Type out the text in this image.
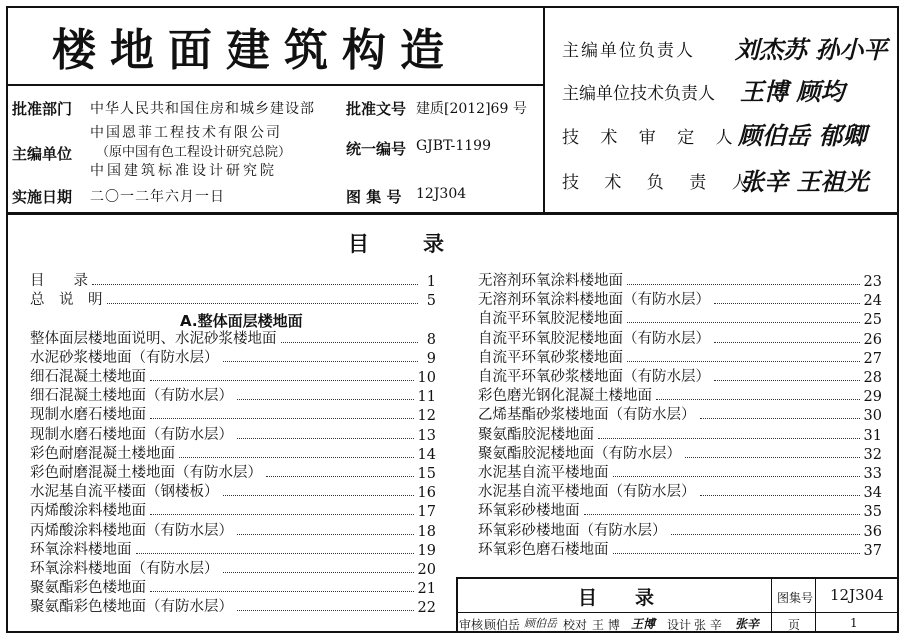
楼地面建筑构造
批准部门 中华人民共和国住房和城乡建设部 批准文号 建质[2012]69 号
主编单位
中国恩菲工程技术有限公司
（原中国有色工程设计研究总院）
中国建筑标准设计研究院
统一编号 GJBT-1199
实施日期 二〇一二年六月一日	图 集 号 12J304
主编单位负责人 刘杰苏 孙小平
主编单位技术负责人 王博 顾均
技 术 审 定 人 顾伯岳 郁卿
技 术 负 责 人
张辛 王祖光
目　　录
目　　录	1
总　说　明	5
A.整体面层楼地面
整体面层楼地面说明、水泥砂浆楼地面	8
水泥砂浆楼地面（有防水层）	9
细石混凝土楼地面	10
细石混凝土楼地面（有防水层）	11
现制水磨石楼地面	12
现制水磨石楼地面（有防水层）	13
彩色耐磨混凝土楼地面	14
彩色耐磨混凝土楼地面（有防水层）	15
水泥基自流平楼面（钢楼板）	16
丙烯酸涂料楼地面	17
丙烯酸涂料楼地面（有防水层）	18
环氧涂料楼地面	19
环氧涂料楼地面（有防水层）	20
聚氨酯彩色楼地面	21
聚氨酯彩色楼地面（有防水层）	22
无溶剂环氧涂料楼地面	23
无溶剂环氧涂料楼地面（有防水层）	24
自流平环氧胶泥楼地面	25
自流平环氧胶泥楼地面（有防水层）	26
自流平环氧砂浆楼地面	27
自流平环氧砂浆楼地面（有防水层）	28
彩色磨光钢化混凝土楼地面	29
乙烯基酯砂浆楼地面（有防水层）	30
聚氨酯胶泥楼地面	31
聚氨酯胶泥楼地面（有防水层）	32
水泥基自流平楼地面	33
水泥基自流平楼地面（有防水层）	34
环氧彩砂楼地面	35
环氧彩砂楼地面（有防水层）	36
环氧彩色磨石楼地面	37
目　　录	图集号 12J304
页	1
审核 顾伯岳 顾伯岳 校对 王 博 王博 设计 张 辛 张辛
